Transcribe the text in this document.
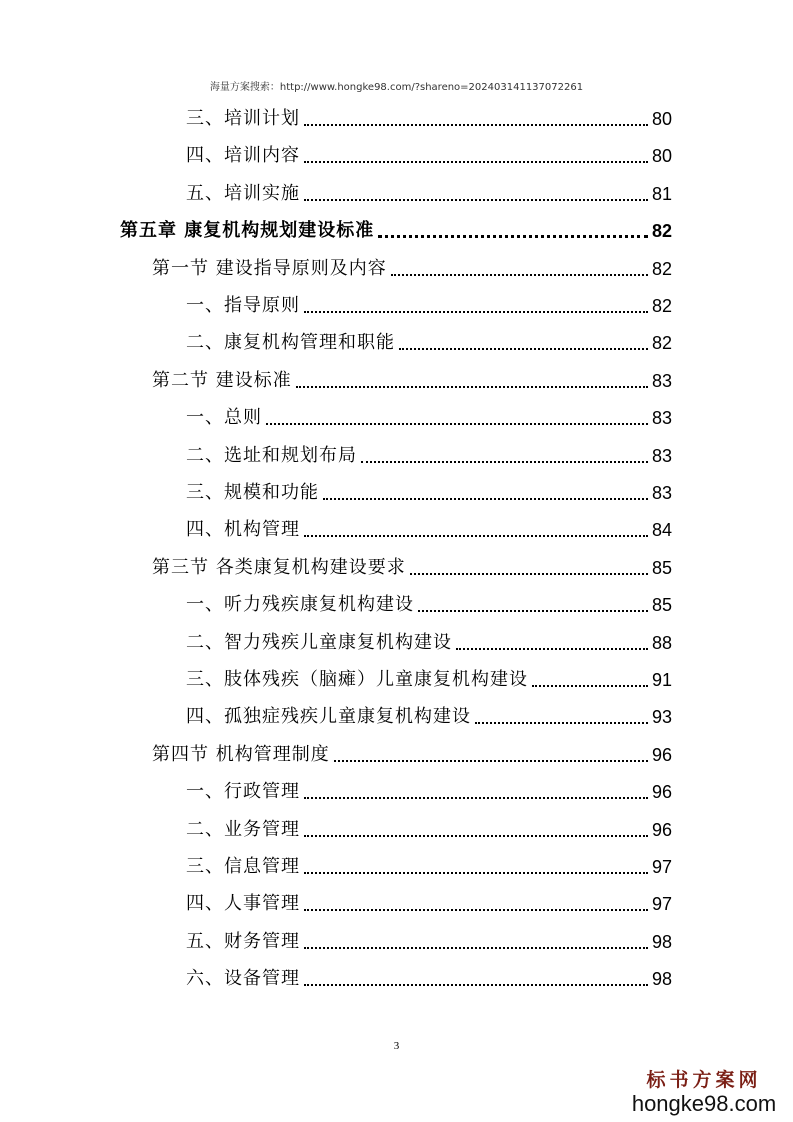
海量方案搜索：http://www.hongke98.com/?shareno=202403141137072261
三、培训计划	80
四、培训内容	80
五、培训实施	81
第五章 康复机构规划建设标准	82
第一节 建设指导原则及内容	82
一、指导原则	82
二、康复机构管理和职能	82
第二节 建设标准	83
一、总则	83
二、选址和规划布局	83
三、规模和功能	83
四、机构管理	84
第三节 各类康复机构建设要求	85
一、听力残疾康复机构建设	85
二、智力残疾儿童康复机构建设	88
三、肢体残疾（脑瘫）儿童康复机构建设	91
四、孤独症残疾儿童康复机构建设	93
第四节 机构管理制度	96
一、行政管理	96
二、业务管理	96
三、信息管理	97
四、人事管理	97
五、财务管理	98
六、设备管理	98
3
标书方案网
hongke98.com
